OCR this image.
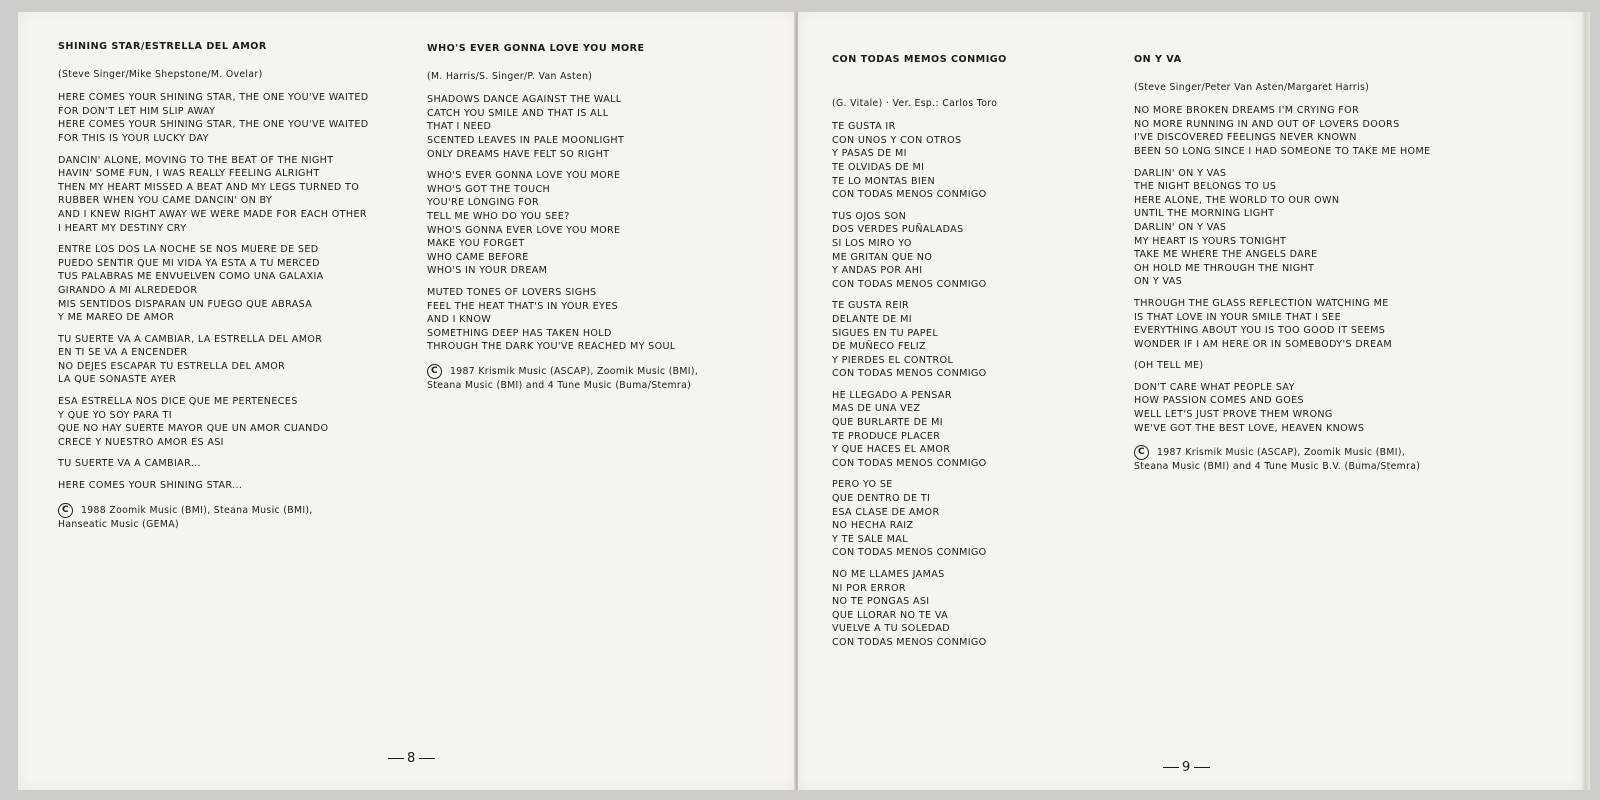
SHINING STAR/ESTRELLA DEL AMOR
(Steve Singer/Mike Shepstone/M. Ovelar)
HERE COMES YOUR SHINING STAR, THE ONE YOU'VE WAITED
FOR DON'T LET HIM SLIP AWAY
HERE COMES YOUR SHINING STAR, THE ONE YOU'VE WAITED
FOR THIS IS YOUR LUCKY DAY
DANCIN' ALONE, MOVING TO THE BEAT OF THE NIGHT
HAVIN' SOME FUN, I WAS REALLY FEELING ALRIGHT
THEN MY HEART MISSED A BEAT AND MY LEGS TURNED TO
RUBBER WHEN YOU CAME DANCIN' ON BY
AND I KNEW RIGHT AWAY WE WERE MADE FOR EACH OTHER
I HEART MY DESTINY CRY
ENTRE LOS DOS LA NOCHE SE NOS MUERE DE SED
PUEDO SENTIR QUE MI VIDA YA ESTA A TU MERCED
TUS PALABRAS ME ENVUELVEN COMO UNA GALAXIA
GIRANDO A MI ALREDEDOR
MIS SENTIDOS DISPARAN UN FUEGO QUE ABRASA
Y ME MAREO DE AMOR
TU SUERTE VA A CAMBIAR, LA ESTRELLA DEL AMOR
EN TI SE VA A ENCENDER
NO DEJES ESCAPAR TU ESTRELLA DEL AMOR
LA QUE SONASTE AYER
ESA ESTRELLA NOS DICE QUE ME PERTENECES
Y QUE YO SOY PARA TI
QUE NO HAY SUERTE MAYOR QUE UN AMOR CUANDO
CRECE Y NUESTRO AMOR ES ASI
TU SUERTE VA A CAMBIAR...
HERE COMES YOUR SHINING STAR...
C 1988 Zoomik Music (BMI), Steana Music (BMI),
Hanseatic Music (GEMA)
WHO'S EVER GONNA LOVE YOU MORE
(M. Harris/S. Singer/P. Van Asten)
SHADOWS DANCE AGAINST THE WALL
CATCH YOU SMILE AND THAT IS ALL
THAT I NEED
SCENTED LEAVES IN PALE MOONLIGHT
ONLY DREAMS HAVE FELT SO RIGHT
WHO'S EVER GONNA LOVE YOU MORE
WHO'S GOT THE TOUCH
YOU'RE LONGING FOR
TELL ME WHO DO YOU SEE?
WHO'S GONNA EVER LOVE YOU MORE
MAKE YOU FORGET
WHO CAME BEFORE
WHO'S IN YOUR DREAM
MUTED TONES OF LOVERS SIGHS
FEEL THE HEAT THAT'S IN YOUR EYES
AND I KNOW
SOMETHING DEEP HAS TAKEN HOLD
THROUGH THE DARK YOU'VE REACHED MY SOUL
C 1987 Krismik Music (ASCAP), Zoomik Music (BMI),
Steana Music (BMI) and 4 Tune Music (Buma/Stemra)
8
CON TODAS MEMOS CONMIGO
(G. Vitale) · Ver. Esp.: Carlos Toro
TE GUSTA IR
CON UNOS Y CON OTROS
Y PASAS DE MI
TE OLVIDAS DE MI
TE LO MONTAS BIEN
CON TODAS MENOS CONMIGO
TUS OJOS SON
DOS VERDES PUÑALADAS
SI LOS MIRO YO
ME GRITAN QUE NO
Y ANDAS POR AHI
CON TODAS MENOS CONMIGO
TE GUSTA REIR
DELANTE DE MI
SIGUES EN TU PAPEL
DE MUÑECO FELIZ
Y PIERDES EL CONTROL
CON TODAS MENOS CONMIGO
HE LLEGADO A PENSAR
MAS DE UNA VEZ
QUE BURLARTE DE MI
TE PRODUCE PLACER
Y QUE HACES EL AMOR
CON TODAS MENOS CONMIGO
PERO YO SE
QUE DENTRO DE TI
ESA CLASE DE AMOR
NO HECHA RAIZ
Y TE SALE MAL
CON TODAS MENOS CONMIGO
NO ME LLAMES JAMAS
NI POR ERROR
NO TE PONGAS ASI
QUE LLORAR NO TE VA
VUELVE A TU SOLEDAD
CON TODAS MENOS CONMIGO
ON Y VA
(Steve Singer/Peter Van Asten/Margaret Harris)
NO MORE BROKEN DREAMS I'M CRYING FOR
NO MORE RUNNING IN AND OUT OF LOVERS DOORS
I'VE DISCOVERED FEELINGS NEVER KNOWN
BEEN SO LONG SINCE I HAD SOMEONE TO TAKE ME HOME
DARLIN' ON Y VAS
THE NIGHT BELONGS TO US
HERE ALONE, THE WORLD TO OUR OWN
UNTIL THE MORNING LIGHT
DARLIN' ON Y VAS
MY HEART IS YOURS TONIGHT
TAKE ME WHERE THE ANGELS DARE
OH HOLD ME THROUGH THE NIGHT
ON Y VAS
THROUGH THE GLASS REFLECTION WATCHING ME
IS THAT LOVE IN YOUR SMILE THAT I SEE
EVERYTHING ABOUT YOU IS TOO GOOD IT SEEMS
WONDER IF I AM HERE OR IN SOMEBODY'S DREAM
(OH TELL ME)
DON'T CARE WHAT PEOPLE SAY
HOW PASSION COMES AND GOES
WELL LET'S JUST PROVE THEM WRONG
WE'VE GOT THE BEST LOVE, HEAVEN KNOWS
C 1987 Krismik Music (ASCAP), Zoomik Music (BMI),
Steana Music (BMI) and 4 Tune Music B.V. (Buma/Stemra)
9
